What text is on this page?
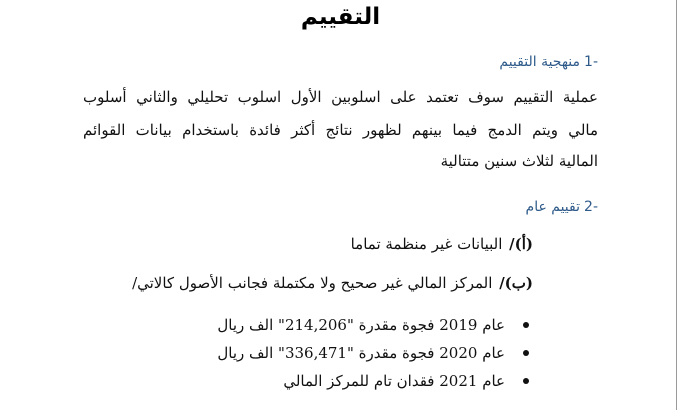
التقييم
-1منهجية التقييم
عملية التقييم سوف تعتمد على اسلوبين الأول اسلوب تحليلي والثاني أسلوب
مالي ويتم الدمج فيما بينهم لظهور نتائج أكثر فائدة باستخدام بيانات القوائم
المالية لثلاث سنين متتالية
-2تقييم عام
(أ)/ البيانات غير منظمة تماما
(ب)/ المركز المالي غير صحيح ولا مكتملة فجانب الأصول كالاتي/
عام 2019 فجوة مقدرة "214,206" الف ريال
عام 2020 فجوة مقدرة "336,471" الف ريال
عام 2021 فقدان تام للمركز المالي
